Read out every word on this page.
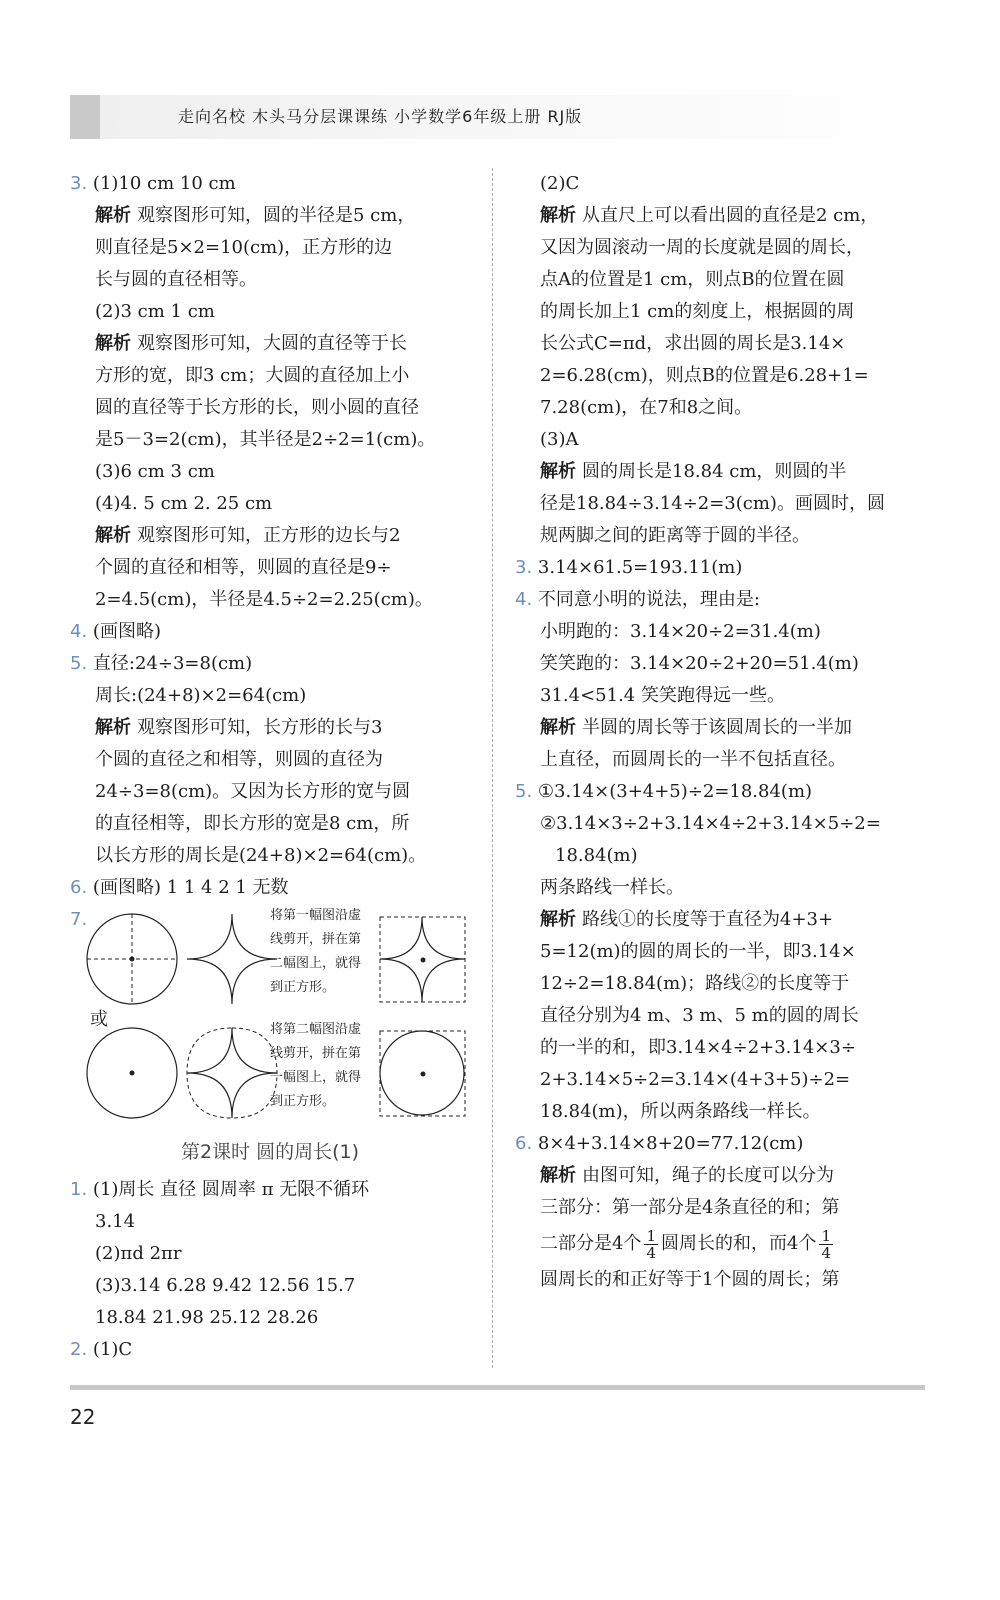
走向名校 木头马分层课课练 小学数学6年级上册 RJ版
3. (1)10 cm 10 cm
解析 观察图形可知，圆的半径是5 cm，
则直径是5×2=10(cm)，正方形的边
长与圆的直径相等。
(2)3 cm 1 cm
解析 观察图形可知，大圆的直径等于长
方形的宽，即3 cm；大圆的直径加上小
圆的直径等于长方形的长，则小圆的直径
是5－3=2(cm)，其半径是2÷2=1(cm)。
(3)6 cm 3 cm
(4)4. 5 cm 2. 25 cm
解析 观察图形可知，正方形的边长与2
个圆的直径和相等，则圆的直径是9÷
2=4.5(cm)，半径是4.5÷2=2.25(cm)。
4. (画图略)
5. 直径:24÷3=8(cm)
周长:(24+8)×2=64(cm)
解析 观察图形可知，长方形的长与3
个圆的直径之和相等，则圆的直径为
24÷3=8(cm)。又因为长方形的宽与圆
的直径相等，即长方形的宽是8 cm，所
以长方形的周长是(24+8)×2=64(cm)。
6. (画图略) 1 1 4 2 1 无数
7.	将第一幅图沿虚线剪开，拼在第二幅图上，就得到正方形。
或	将第二幅图沿虚线剪开，拼在第一幅图上，就得到正方形。
第2课时 圆的周长(1)
1. (1)周长 直径 圆周率 π 无限不循环
3.14
(2)πd 2πr
(3)3.14 6.28 9.42 12.56 15.7
18.84 21.98 25.12 28.26
2. (1)C
(2)C
解析 从直尺上可以看出圆的直径是2 cm，
又因为圆滚动一周的长度就是圆的周长，
点A的位置是1 cm，则点B的位置在圆
的周长加上1 cm的刻度上，根据圆的周
长公式C=πd，求出圆的周长是3.14×
2=6.28(cm)，则点B的位置是6.28+1=
7.28(cm)，在7和8之间。
(3)A
解析 圆的周长是18.84 cm，则圆的半
径是18.84÷3.14÷2=3(cm)。画圆时，圆
规两脚之间的距离等于圆的半径。
3. 3.14×61.5=193.11(m)
4. 不同意小明的说法，理由是:
小明跑的：3.14×20÷2=31.4(m)
笑笑跑的：3.14×20÷2+20=51.4(m)
31.4<51.4 笑笑跑得远一些。
解析 半圆的周长等于该圆周长的一半加
上直径，而圆周长的一半不包括直径。
5. ①3.14×(3+4+5)÷2=18.84(m)
②3.14×3÷2+3.14×4÷2+3.14×5÷2=
18.84(m)
两条路线一样长。
解析 路线①的长度等于直径为4+3+
5=12(m)的圆的周长的一半，即3.14×
12÷2=18.84(m)；路线②的长度等于
直径分别为4 m、3 m、5 m的圆的周长
的一半的和，即3.14×4÷2+3.14×3÷
2+3.14×5÷2=3.14×(4+3+5)÷2=
18.84(m)，所以两条路线一样长。
6. 8×4+3.14×8+20=77.12(cm)
解析 由图可知，绳子的长度可以分为
三部分：第一部分是4条直径的和；第
二部分是4个 $\frac{1}{4}$ 圆周长的和，而4个 $\frac{1}{4}$
圆周长的和正好等于1个圆的周长；第
22
